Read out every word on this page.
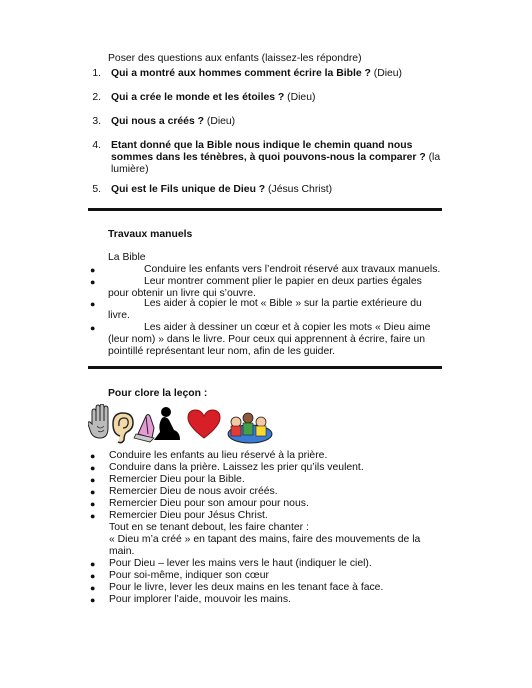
Poser des questions aux enfants (laissez-les répondre)
1. Qui a montré aux hommes comment écrire la Bible ? (Dieu)
2. Qui a crée le monde et les étoiles ? (Dieu)
3. Qui nous a créés ? (Dieu)
4. Etant donné que la Bible nous indique le chemin quand nous
sommes dans les ténèbres, à quoi pouvons-nous la comparer ? (la
lumière)
5. Qui est le Fils unique de Dieu ? (Jésus Christ)
Travaux manuels
La Bible
●	Conduire les enfants vers l’endroit réservé aux travaux manuels.
●	Leur montrer comment plier le papier en deux parties égales
pour obtenir un livre qui s’ouvre.
●	Les aider à copier le mot « Bible » sur la partie extérieure du
livre.
●	Les aider à dessiner un cœur et à copier les mots « Dieu aime
(leur nom) » dans le livre. Pour ceux qui apprennent à écrire, faire un
pointillé représentant leur nom, afin de les guider.
Pour clore la leçon :
● Conduire les enfants au lieu réservé à la prière.
● Conduire dans la prière. Laissez les prier qu’ils veulent.
● Remercier Dieu pour la Bible.
● Remercier Dieu de nous avoir créés.
● Remercier Dieu pour son amour pour nous.
● Remercier Dieu pour Jésus Christ.
Tout en se tenant debout, les faire chanter :
« Dieu m’a créé » en tapant des mains, faire des mouvements de la
main.
● Pour Dieu – lever les mains vers le haut (indiquer le ciel).
● Pour soi-même, indiquer son cœur
● Pour le livre, lever les deux mains en les tenant face à face.
● Pour implorer l’aide, mouvoir les mains.
